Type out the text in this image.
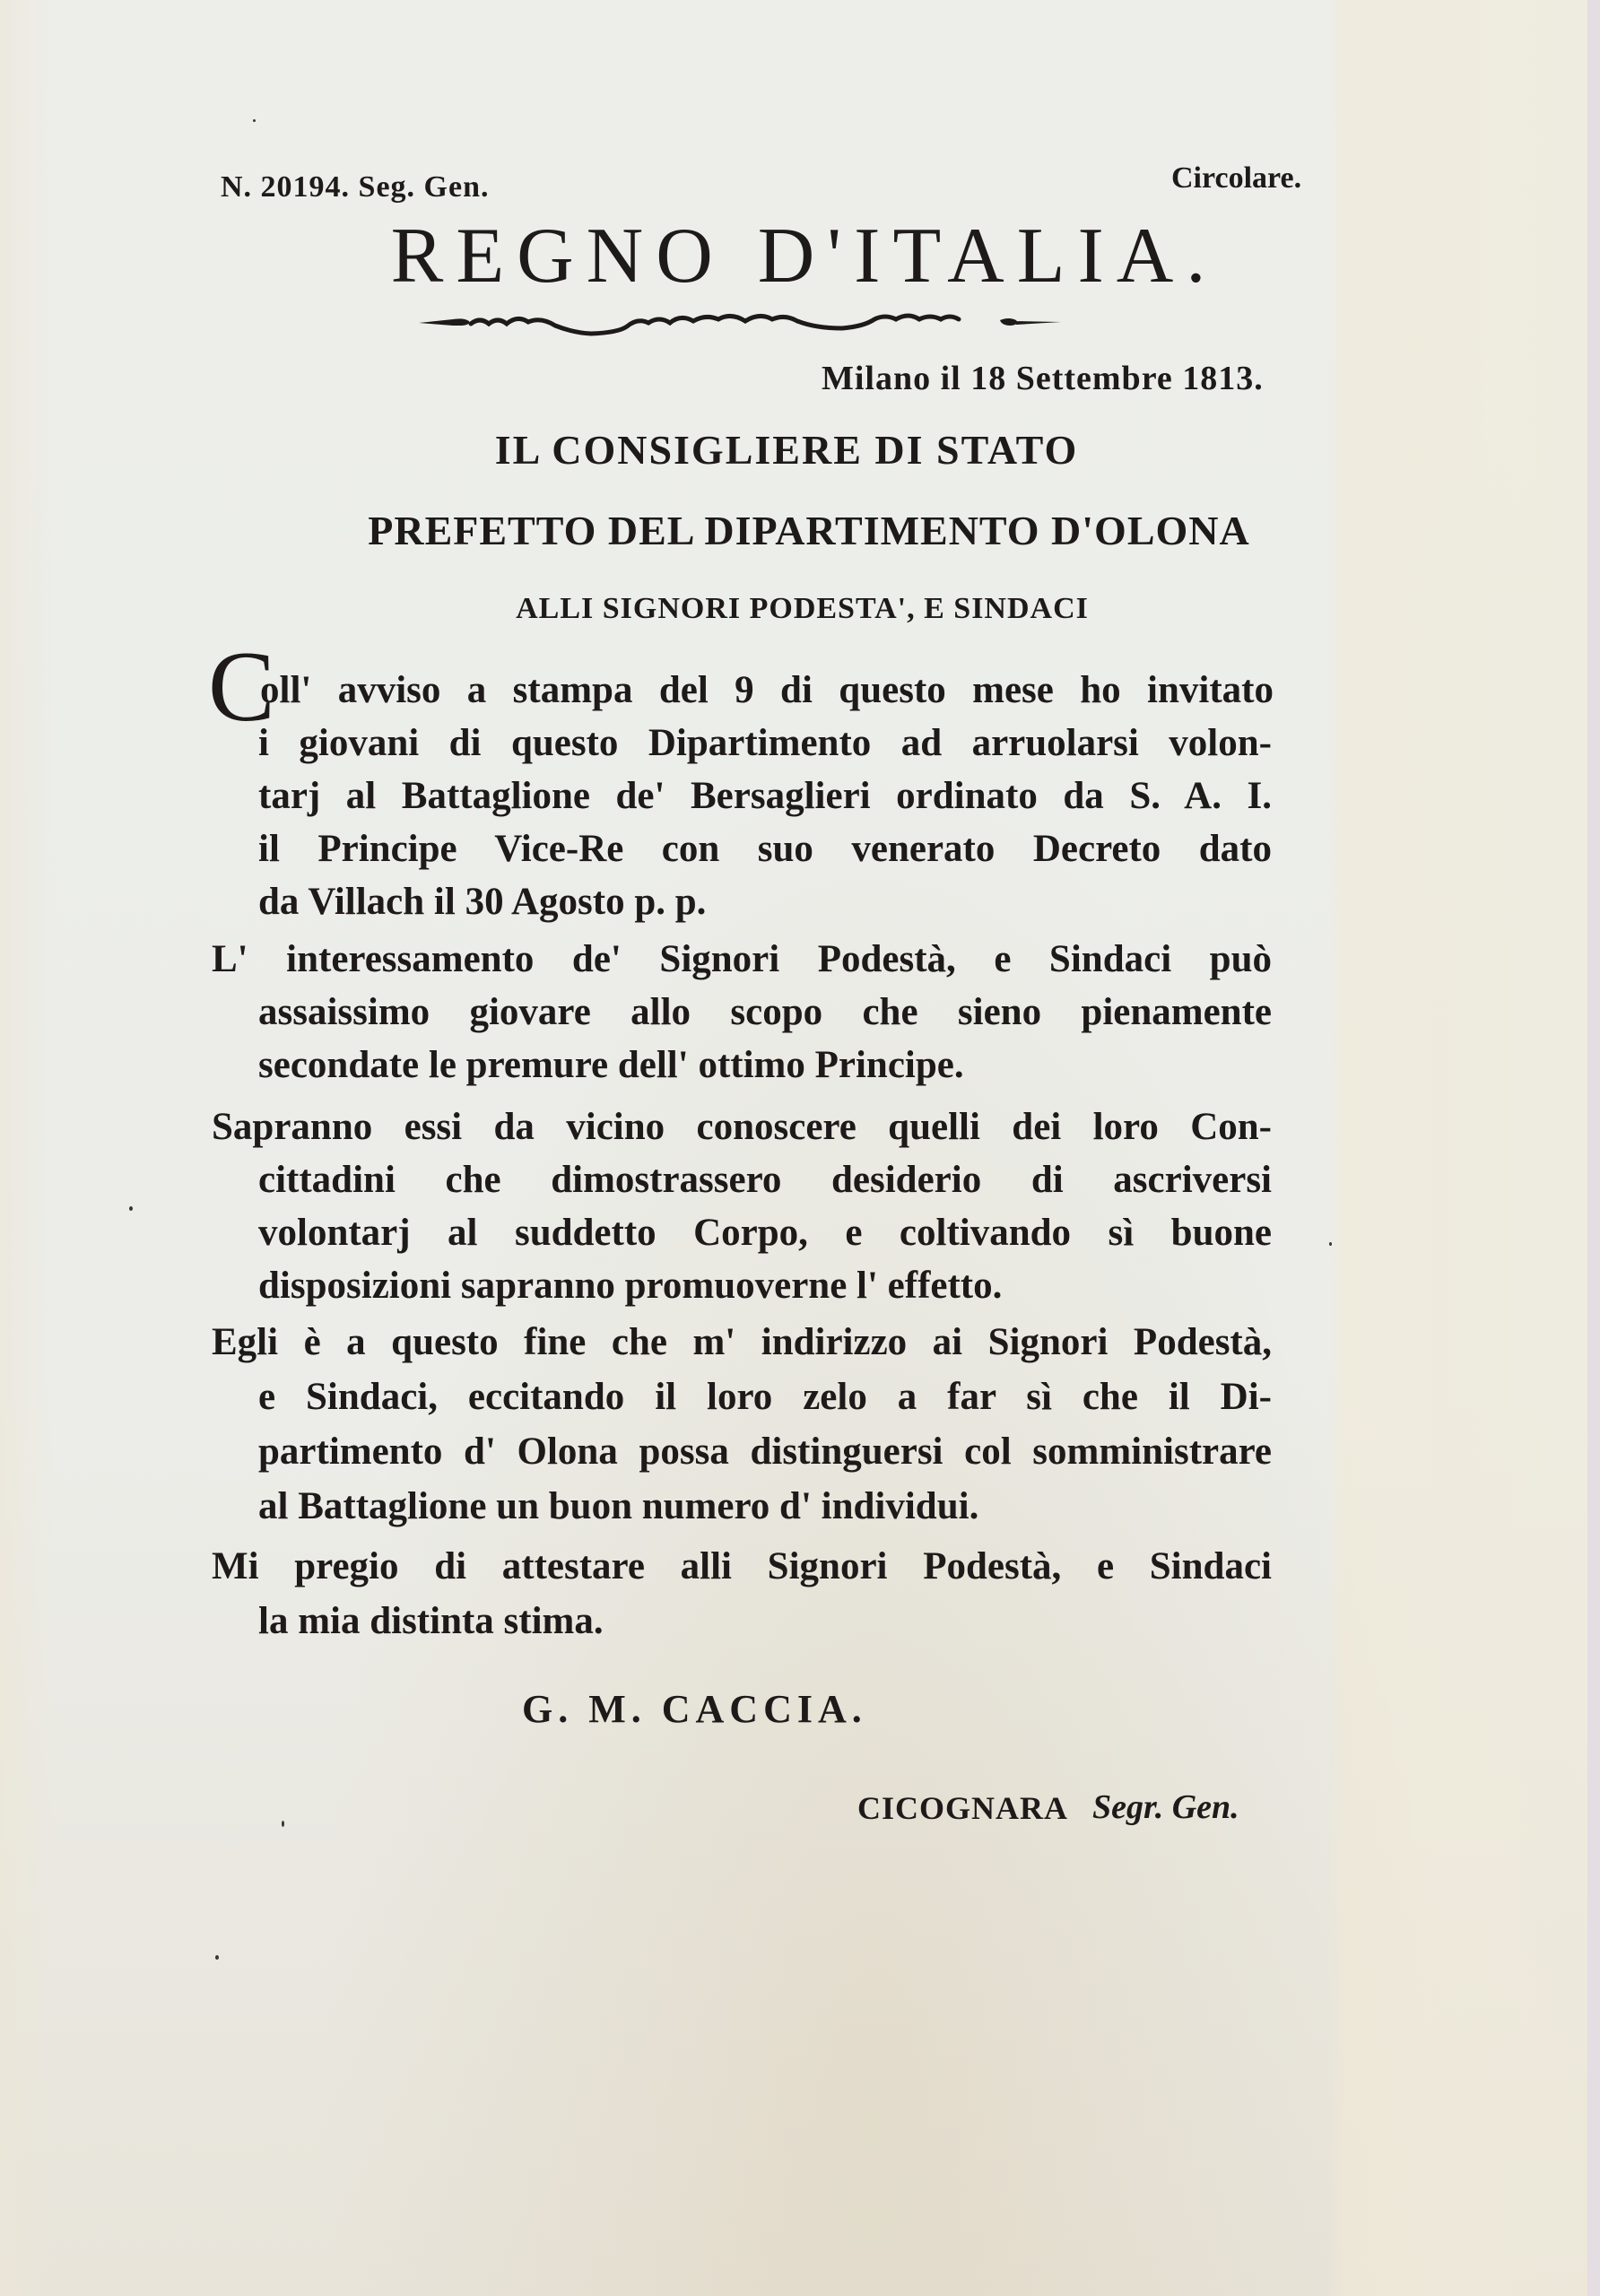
N. 20194. Seg. Gen.	Circolare.
REGNO D'ITALIA.
Milano il 18 Settembre 1813.
IL CONSIGLIERE DI STATO
PREFETTO DEL DIPARTIMENTO D'OLONA
ALLI SIGNORI PODESTA', E SINDACI
C
oll' avviso a stampa del 9 di questo mese ho invitato
i giovani di questo Dipartimento ad arruolarsi volon-
tarj al Battaglione de' Bersaglieri ordinato da S. A. I.
il Principe Vice-Re con suo venerato Decreto dato
da Villach il 30 Agosto p. p.
L' interessamento de' Signori Podestà, e Sindaci può
assaissimo giovare allo scopo che sieno pienamente
secondate le premure dell' ottimo Principe.
Sapranno essi da vicino conoscere quelli dei loro Con-
cittadini che dimostrassero desiderio di ascriversi
volontarj al suddetto Corpo, e coltivando sì buone
disposizioni sapranno promuoverne l' effetto.
Egli è a questo fine che m' indirizzo ai Signori Podestà,
e Sindaci, eccitando il loro zelo a far sì che il Di-
partimento d' Olona possa distinguersi col somministrare
al Battaglione un buon numero d' individui.
Mi pregio di attestare alli Signori Podestà, e Sindaci
la mia distinta stima.
G. M. CACCIA.
CICOGNARA Segr. Gen.
